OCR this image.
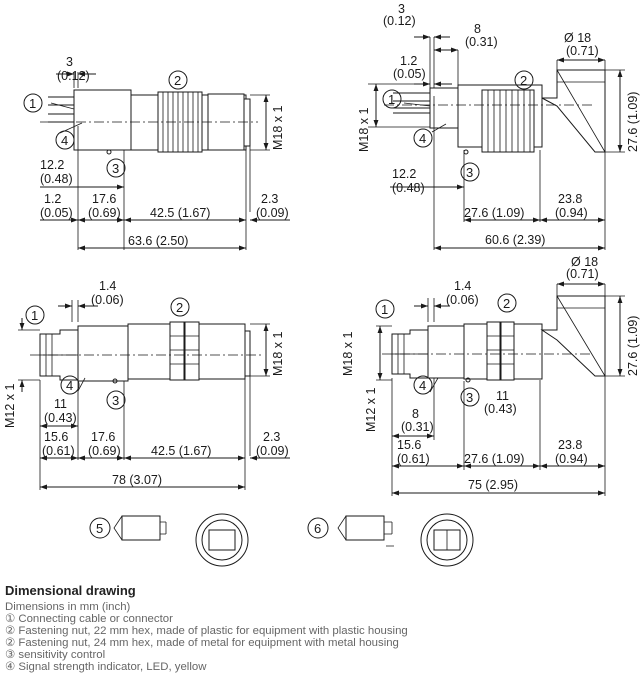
3
(0.12)
12.2
(0.48)
1.2
(0.05)
17.6
(0.69) 42.5 (1.67)
2.3
(0.09)
63.6 (2.50)
M18 x 1
1
2
4
3
3
(0.12)
8
(0.31)	Ø 18
(0.71)
1.2
(0.05)
27.6 (1.09)
M18 x 1
12.2
(0.48)
27.6 (1.09)
23.8
(0.94)
60.6 (2.39)
1
2
4
3
1.4
(0.06)
M18 x 1
M12 x 1	11
(0.43)
15.6
(0.61)
17.6
(0.69) 42.5 (1.67)
2.3
(0.09)
78 (3.07)
1
2
4
3
Ø 18
(0.71)
1.4
(0.06)
27.6 (1.09)
M18 x 1
M12 x 1	11
(0.43)
8
(0.31)
15.6
(0.61)	27.6 (1.09)
23.8
(0.94)
75 (2.95)
1	2
4
3
5	6
Dimensional drawing
Dimensions in mm (inch)
① Connecting cable or connector
② Fastening nut, 22 mm hex, made of plastic for equipment with plastic housing
② Fastening nut, 24 mm hex, made of metal for equipment with metal housing
③ sensitivity control
④ Signal strength indicator, LED, yellow
